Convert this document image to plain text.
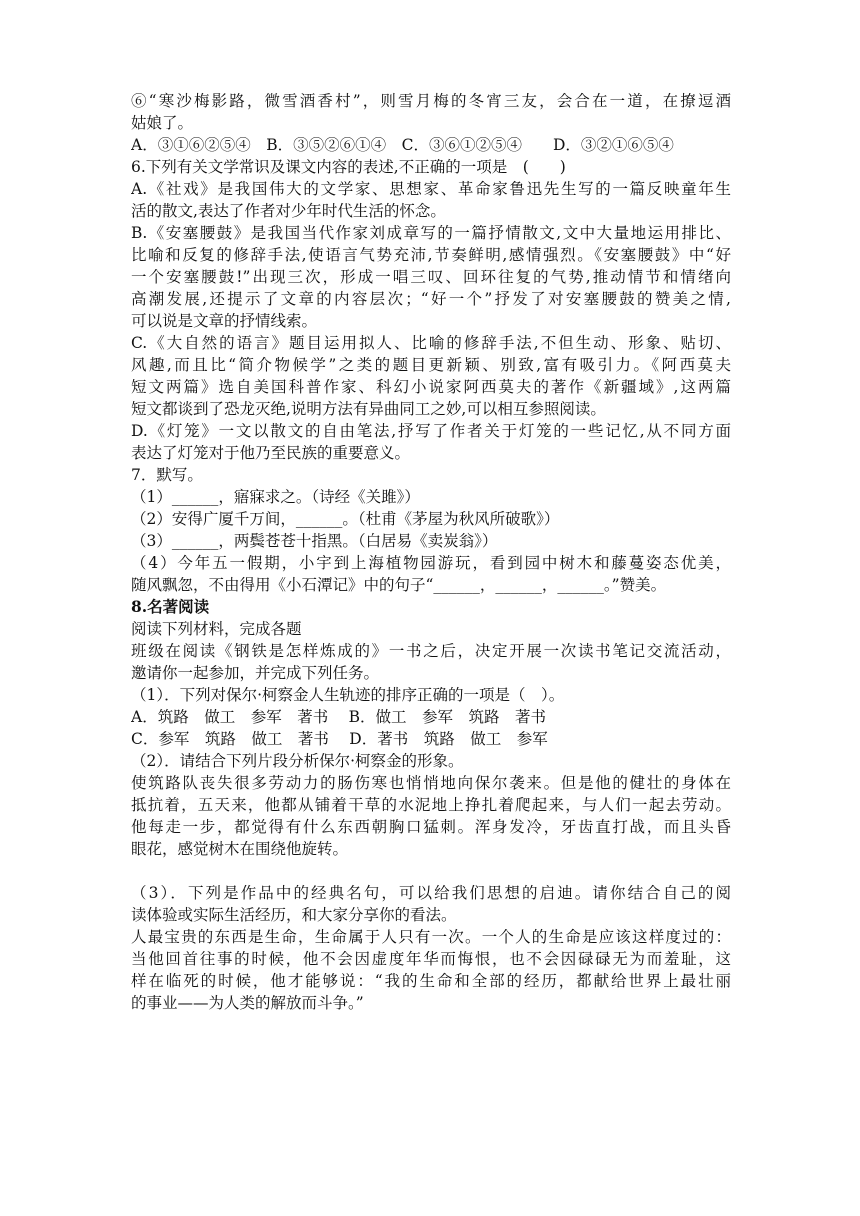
⑥“寒沙梅影路，微雪酒香村”，则雪月梅的冬宵三友，会合在一道，在撩逗酒
姑娘了。
A．③①⑥②⑤④　B．③⑤②⑥①④　C．③⑥①②⑤④　　D．③②①⑥⑤④
6.下列有关文学常识及课文内容的表述,不正确的一项是　(　　)
A.《社戏》是我国伟大的文学家、思想家、革命家鲁迅先生写的一篇反映童年生
活的散文,表达了作者对少年时代生活的怀念。
B.《安塞腰鼓》是我国当代作家刘成章写的一篇抒情散文,文中大量地运用排比、
比喻和反复的修辞手法,使语言气势充沛,节奏鲜明,感情强烈。《安塞腰鼓》中“好
一个安塞腰鼓!”出现三次，形成一唱三叹、回环往复的气势,推动情节和情绪向
高潮发展,还提示了文章的内容层次；“好一个”抒发了对安塞腰鼓的赞美之情,
可以说是文章的抒情线索。
C.《大自然的语言》题目运用拟人、比喻的修辞手法,不但生动、形象、贴切、
风趣,而且比“简介物候学”之类的题目更新颖、别致,富有吸引力。《阿西莫夫
短文两篇》选自美国科普作家、科幻小说家阿西莫夫的著作《新疆域》,这两篇
短文都谈到了恐龙灭绝,说明方法有异曲同工之妙,可以相互参照阅读。
D.《灯笼》一文以散文的自由笔法,抒写了作者关于灯笼的一些记忆,从不同方面
表达了灯笼对于他乃至民族的重要意义。
7．默写。
（1）______，寤寐求之。（诗经《关雎》）
（2）安得广厦千万间，______。（杜甫《茅屋为秋风所破歌》）
（3）______，两鬓苍苍十指黑。（白居易《卖炭翁》）
（4）今年五一假期，小宇到上海植物园游玩，看到园中树木和藤蔓姿态优美，
随风飘忽，不由得用《小石潭记》中的句子“______，______，______。”赞美。
8.名著阅读
阅读下列材料，完成各题
班级在阅读《钢铁是怎样炼成的》一书之后，决定开展一次读书笔记交流活动，
邀请你一起参加，并完成下列任务。
（1）．下列对保尔·柯察金人生轨迹的排序正确的一项是（　）。
A．筑路　做工　参军　著书　 B．做工　参军　筑路　著书
C．参军　筑路　做工　著书　 D．著书　筑路　做工　参军
（2）．请结合下列片段分析保尔·柯察金的形象。
使筑路队丧失很多劳动力的肠伤寒也悄悄地向保尔袭来。但是他的健壮的身体在
抵抗着，五天来，他都从铺着干草的水泥地上挣扎着爬起来，与人们一起去劳动。
他每走一步，都觉得有什么东西朝胸口猛刺。浑身发冷，牙齿直打战，而且头昏
眼花，感觉树木在围绕他旋转。
（3）．下列是作品中的经典名句，可以给我们思想的启迪。请你结合自己的阅
读体验或实际生活经历，和大家分享你的看法。
人最宝贵的东西是生命，生命属于人只有一次。一个人的生命是应该这样度过的：
当他回首往事的时候，他不会因虚度年华而悔恨，也不会因碌碌无为而羞耻，这
样在临死的时候，他才能够说：“我的生命和全部的经历，都献给世界上最壮丽
的事业——为人类的解放而斗争。”
